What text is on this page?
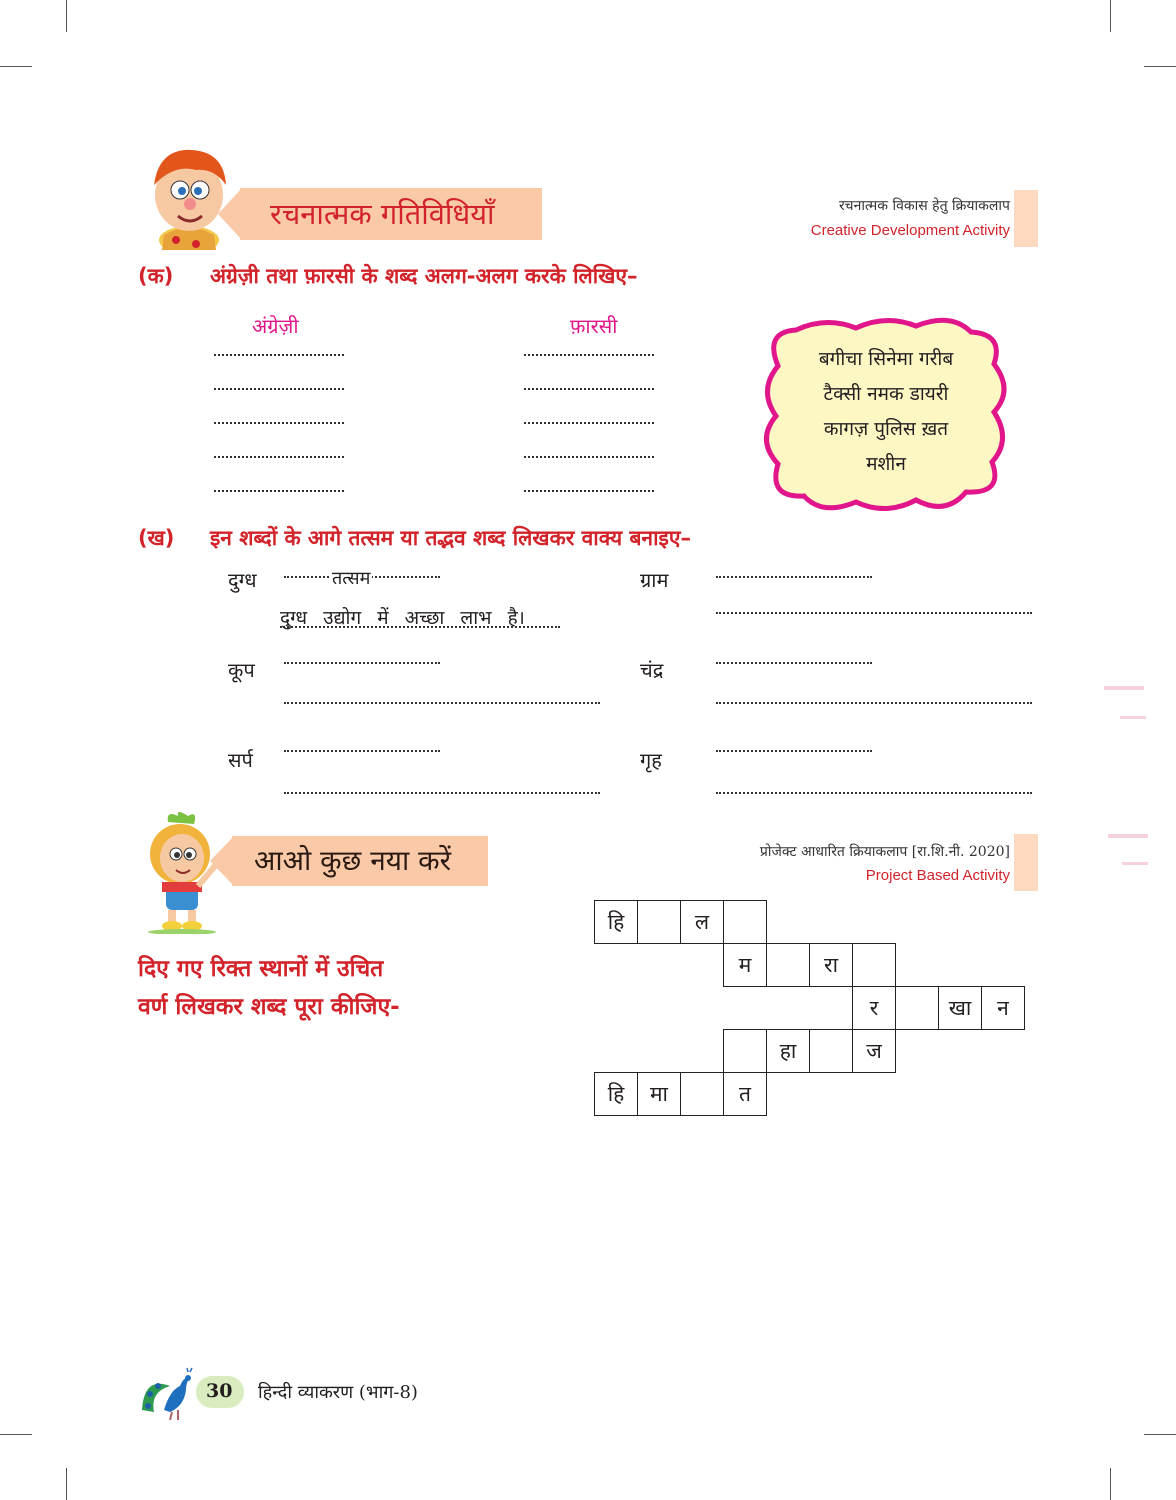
रचनात्मक गतिविधियाँ	रचनात्मक विकास हेतु क्रियाकलाप
Creative Development Activity
(क) अंग्रेज़ी तथा फ़ारसी के शब्द अलग-अलग करके लिखिए–
अंग्रेज़ी	फ़ारसी
बगीचा सिनेमा गरीब
टैक्सी नमक डायरी
कागज़ पुलिस ख़त
मशीन
(ख) इन शब्दों के आगे तत्सम या तद्भव शब्द लिखकर वाक्य बनाइए–
दुग्ध	तत्सम
दुग्ध उद्योग में अच्छा लाभ है।
कूप
सर्प
ग्राम
चंद्र
गृह
आओ कुछ नया करें	प्रोजेक्ट आधारित क्रियाकलाप [रा.शि.नी. 2020]
Project Based Activity
दिए गए रिक्त स्थानों में उचित
वर्ण लिखकर शब्द पूरा कीजिए-
हि		ल							
			म		रा				
						र		खा	न
				हा		ज			
हि	मा		त						
30 हिन्दी व्याकरण (भाग-8)
